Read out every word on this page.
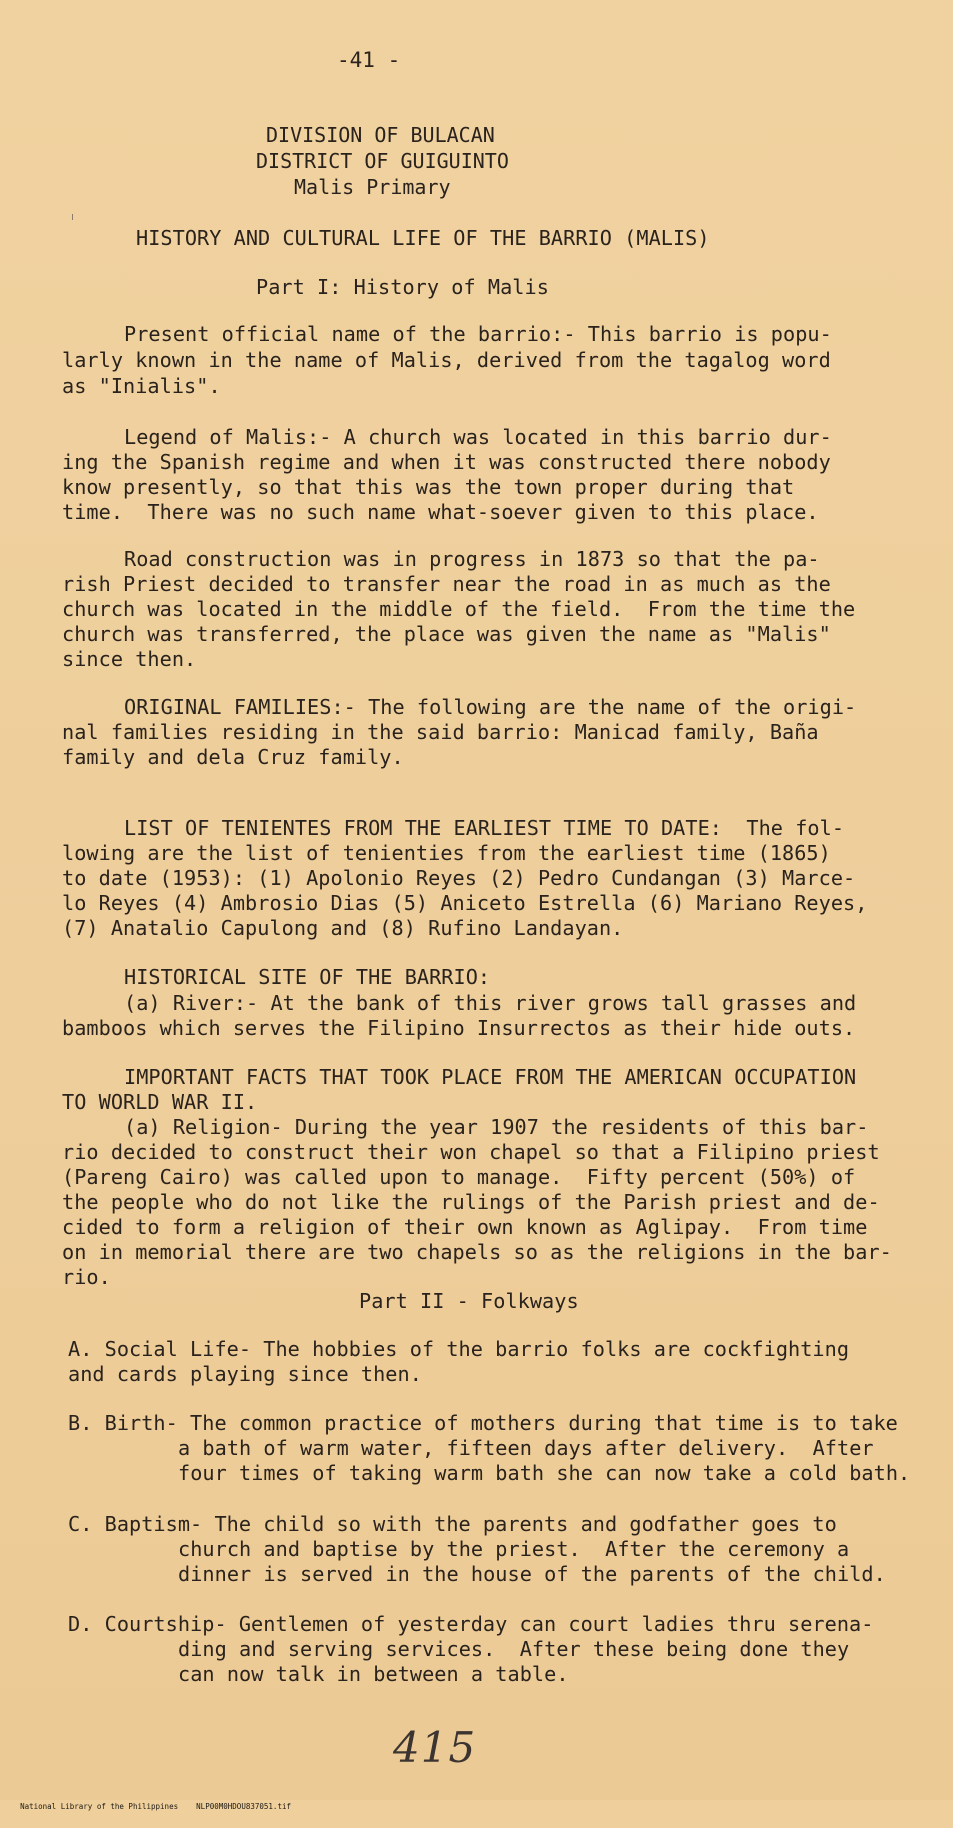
-41 -
DIVISION OF BULACAN
DISTRICT OF GUIGUINTO
Malis Primary
HISTORY AND CULTURAL LIFE OF THE BARRIO (MALIS)
Part I: History of Malis
Present official name of the barrio:- This barrio is popu-
larly known in the name of Malis, derived from the tagalog word
as "Inialis".
Legend of Malis:- A church was located in this barrio dur-
ing the Spanish regime and when it was constructed there nobody
know presently, so that this was the town proper during that
time.  There was no such name what-soever given to this place.
Road construction was in progress in 1873 so that the pa-
rish Priest decided to transfer near the road in as much as the
church was located in the middle of the field.  From the time the
church was transferred, the place was given the name as "Malis"
since then.
ORIGINAL FAMILIES:- The following are the name of the origi-
nal families residing in the said barrio: Manicad family, Baña
family and dela Cruz family.
LIST OF TENIENTES FROM THE EARLIEST TIME TO DATE:  The fol-
lowing are the list of tenienties from the earliest time (1865)
to date (1953): (1) Apolonio Reyes (2) Pedro Cundangan (3) Marce-
lo Reyes (4) Ambrosio Dias (5) Aniceto Estrella (6) Mariano Reyes,
(7) Anatalio Capulong and (8) Rufino Landayan.
HISTORICAL SITE OF THE BARRIO:
(a) River:- At the bank of this river grows tall grasses and
bamboos which serves the Filipino Insurrectos as their hide outs.
IMPORTANT FACTS THAT TOOK PLACE FROM THE AMERICAN OCCUPATION
TO WORLD WAR II.
(a) Religion- During the year 1907 the residents of this bar-
rio decided to construct their won chapel so that a Filipino priest
(Pareng Cairo) was called upon to manage.  Fifty percent (50%) of
the people who do not like the rulings of the Parish priest and de-
cided to form a religion of their own known as Aglipay.  From time
on in memorial there are two chapels so as the religions in the bar-
rio.
Part II - Folkways
A. Social Life- The hobbies of the barrio folks are cockfighting
and cards playing since then.
B. Birth- The common practice of mothers during that time is to take
a bath of warm water, fifteen days after delivery.  After
four times of taking warm bath she can now take a cold bath.
C. Baptism- The child so with the parents and godfather goes to
church and baptise by the priest.  After the ceremony a
dinner is served in the house of the parents of the child.
D. Courtship- Gentlemen of yesterday can court ladies thru serena-
ding and serving services.  After these being done they
can now talk in between a table.
415

National Library of the Philippines NLP00M0HDOU837051.tif
